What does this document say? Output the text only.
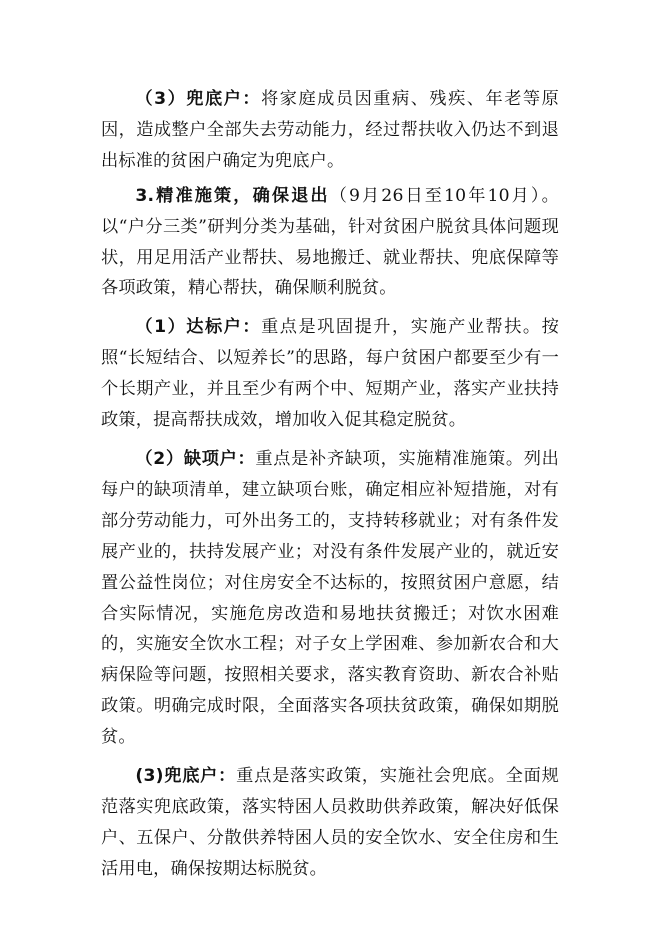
（3）兜底户：将家庭成员因重病、残疾、年老等原因，造成整户全部失去劳动能力，经过帮扶收入仍达不到退出标准的贫困户确定为兜底户。

3.精准施策，确保退出（9月26日至10年10月）。以“户分三类”研判分类为基础，针对贫困户脱贫具体问题现状，用足用活产业帮扶、易地搬迁、就业帮扶、兜底保障等各项政策，精心帮扶，确保顺利脱贫。

（1）达标户：重点是巩固提升，实施产业帮扶。按照“长短结合、以短养长”的思路，每户贫困户都要至少有一个长期产业，并且至少有两个中、短期产业，落实产业扶持政策，提高帮扶成效，增加收入促其稳定脱贫。

（2）缺项户：重点是补齐缺项，实施精准施策。列出每户的缺项清单，建立缺项台账，确定相应补短措施，对有部分劳动能力，可外出务工的，支持转移就业；对有条件发展产业的，扶持发展产业；对没有条件发展产业的，就近安置公益性岗位；对住房安全不达标的，按照贫困户意愿，结合实际情况，实施危房改造和易地扶贫搬迁；对饮水困难的，实施安全饮水工程；对子女上学困难、参加新农合和大病保险等问题，按照相关要求，落实教育资助、新农合补贴政策。明确完成时限，全面落实各项扶贫政策，确保如期脱贫。

(3)兜底户：重点是落实政策，实施社会兜底。全面规范落实兜底政策，落实特困人员救助供养政策，解决好低保户、五保户、分散供养特困人员的安全饮水、安全住房和生活用电，确保按期达标脱贫。
